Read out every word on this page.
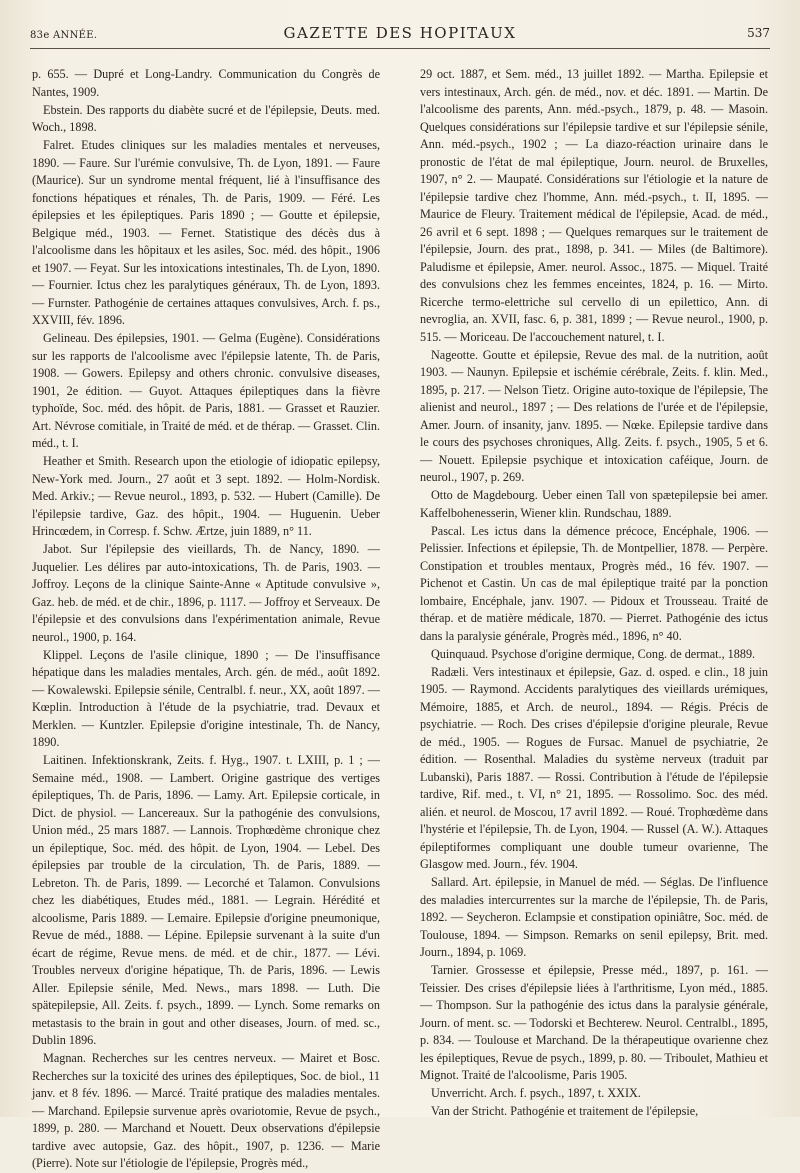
83e ANNÉE.	GAZETTE DES HOPITAUX	537

p. 655. — Dupré et Long-Landry. Communication du Congrès de Nantes, 1909.

Ebstein. Des rapports du diabète sucré et de l'épilepsie, Deuts. med. Woch., 1898.

Falret. Etudes cliniques sur les maladies mentales et nerveuses, 1890. — Faure. Sur l'urémie convulsive, Th. de Lyon, 1891. — Faure (Maurice). Sur un syndrome mental fréquent, lié à l'insuffisance des fonctions hépatiques et rénales, Th. de Paris, 1909. — Féré. Les épilepsies et les épileptiques. Paris 1890 ; — Goutte et épilepsie, Belgique méd., 1903. — Fernet. Statistique des décès dus à l'alcoolisme dans les hôpitaux et les asiles, Soc. méd. des hôpit., 1906 et 1907. — Feyat. Sur les intoxications intestinales, Th. de Lyon, 1890. — Fournier. Ictus chez les paralytiques généraux, Th. de Lyon, 1893. — Furnster. Pathogénie de certaines attaques convulsives, Arch. f. ps., XXVIII, fév. 1896.

Gelineau. Des épilepsies, 1901. — Gelma (Eugène). Considérations sur les rapports de l'alcoolisme avec l'épilepsie latente, Th. de Paris, 1908. — Gowers. Epilepsy and others chronic. convulsive diseases, 1901, 2e édition. — Guyot. Attaques épileptiques dans la fièvre typhoïde, Soc. méd. des hôpit. de Paris, 1881. — Grasset et Rauzier. Art. Névrose comitiale, in Traité de méd. et de thérap. — Grasset. Clin. méd., t. I.

Heather et Smith. Research upon the etiologie of idiopatic epilepsy, New-York med. Journ., 27 août et 3 sept. 1892. — Holm-Nordisk. Med. Arkiv.; — Revue neurol., 1893, p. 532. — Hubert (Camille). De l'épilepsie tardive, Gaz. des hôpit., 1904. — Huguenin. Ueber Hrincœdem, in Corresp. f. Schw. Ærtze, juin 1889, n° 11.

Jabot. Sur l'épilepsie des vieillards, Th. de Nancy, 1890. — Juquelier. Les délires par auto-intoxications, Th. de Paris, 1903. — Joffroy. Leçons de la clinique Sainte-Anne « Aptitude convulsive », Gaz. heb. de méd. et de chir., 1896, p. 1117. — Joffroy et Serveaux. De l'épilepsie et des convulsions dans l'expérimentation animale, Revue neurol., 1900, p. 164.

Klippel. Leçons de l'asile clinique, 1890 ; — De l'insuffisance hépatique dans les maladies mentales, Arch. gén. de méd., août 1892. — Kowalewski. Epilepsie sénile, Centralbl. f. neur., XX, août 1897. — Kœplin. Introduction à l'étude de la psychiatrie, trad. Devaux et Merklen. — Kuntzler. Epilepsie d'origine intestinale, Th. de Nancy, 1890.

Laitinen. Infektionskrank, Zeits. f. Hyg., 1907. t. LXIII, p. 1 ; — Semaine méd., 1908. — Lambert. Origine gastrique des vertiges épileptiques, Th. de Paris, 1896. — Lamy. Art. Epilepsie corticale, in Dict. de physiol. — Lancereaux. Sur la pathogénie des convulsions, Union méd., 25 mars 1887. — Lannois. Trophœdème chronique chez un épileptique, Soc. méd. des hôpit. de Lyon, 1904. — Lebel. Des épilepsies par trouble de la circulation, Th. de Paris, 1889. — Lebreton. Th. de Paris, 1899. — Lecorché et Talamon. Convulsions chez les diabétiques, Etudes méd., 1881. — Legrain. Hérédité et alcoolisme, Paris 1889. — Lemaire. Epilepsie d'origine pneumonique, Revue de méd., 1888. — Lépine. Epilepsie survenant à la suite d'un écart de régime, Revue mens. de méd. et de chir., 1877. — Lévi. Troubles nerveux d'origine hépatique, Th. de Paris, 1896. — Lewis Aller. Epilepsie sénile, Med. News., mars 1898. — Luth. Die spätepilepsie, All. Zeits. f. psych., 1899. — Lynch. Some remarks on metastasis to the brain in gout and other diseases, Journ. of med. sc., Dublin 1896.

Magnan. Recherches sur les centres nerveux. — Mairet et Bosc. Recherches sur la toxicité des urines des épileptiques, Soc. de biol., 11 janv. et 8 fév. 1896. — Marcé. Traité pratique des maladies mentales. — Marchand. Epilepsie survenue après ovariotomie, Revue de psych., 1899, p. 280. — Marchand et Nouett. Deux observations d'épilepsie tardive avec autopsie, Gaz. des hôpit., 1907, p. 1236. — Marie (Pierre). Note sur l'étiologie de l'épilepsie, Progrès méd.,

29 oct. 1887, et Sem. méd., 13 juillet 1892. — Martha. Epilepsie et vers intestinaux, Arch. gén. de méd., nov. et déc. 1891. — Martin. De l'alcoolisme des parents, Ann. méd.-psych., 1879, p. 48. — Masoin. Quelques considérations sur l'épilepsie tardive et sur l'épilepsie sénile, Ann. méd.-psych., 1902 ; — La diazo-réaction urinaire dans le pronostic de l'état de mal épileptique, Journ. neurol. de Bruxelles, 1907, n° 2. — Maupaté. Considérations sur l'étiologie et la nature de l'épilepsie tardive chez l'homme, Ann. méd.-psych., t. II, 1895. — Maurice de Fleury. Traitement médical de l'épilepsie, Acad. de méd., 26 avril et 6 sept. 1898 ; — Quelques remarques sur le traitement de l'épilepsie, Journ. des prat., 1898, p. 341. — Miles (de Baltimore). Paludisme et épilepsie, Amer. neurol. Assoc., 1875. — Miquel. Traité des convulsions chez les femmes enceintes, 1824, p. 16. — Mirto. Ricerche termo-elettriche sul cervello di un epilettico, Ann. di nevroglia, an. XVII, fasc. 6, p. 381, 1899 ; — Revue neurol., 1900, p. 515. — Moriceau. De l'accouchement naturel, t. I.

Nageotte. Goutte et épilepsie, Revue des mal. de la nutrition, août 1903. — Naunyn. Epilepsie et ischémie cérébrale, Zeits. f. klin. Med., 1895, p. 217. — Nelson Tietz. Origine auto-toxique de l'épilepsie, The alienist and neurol., 1897 ; — Des relations de l'urée et de l'épilepsie, Amer. Journ. of insanity, janv. 1895. — Nœke. Epilepsie tardive dans le cours des psychoses chroniques, Allg. Zeits. f. psych., 1905, 5 et 6. — Nouett. Epilepsie psychique et intoxication caféique, Journ. de neurol., 1907, p. 269.

Otto de Magdebourg. Ueber einen Tall von spætepilepsie bei amer. Kaffelbohenesserin, Wiener klin. Rundschau, 1889.

Pascal. Les ictus dans la démence précoce, Encéphale, 1906. — Pelissier. Infections et épilepsie, Th. de Montpellier, 1878. — Perpère. Constipation et troubles mentaux, Progrès méd., 16 fév. 1907. — Pichenot et Castin. Un cas de mal épileptique traité par la ponction lombaire, Encéphale, janv. 1907. — Pidoux et Trousseau. Traité de thérap. et de matière médicale, 1870. — Pierret. Pathogénie des ictus dans la paralysie générale, Progrès méd., 1896, n° 40.

Quinquaud. Psychose d'origine dermique, Cong. de dermat., 1889.

Radæli. Vers intestinaux et épilepsie, Gaz. d. osped. e clin., 18 juin 1905. — Raymond. Accidents paralytiques des vieillards urémiques, Mémoire, 1885, et Arch. de neurol., 1894. — Régis. Précis de psychiatrie. — Roch. Des crises d'épilepsie d'origine pleurale, Revue de méd., 1905. — Rogues de Fursac. Manuel de psychiatrie, 2e édition. — Rosenthal. Maladies du système nerveux (traduit par Lubanski), Paris 1887. — Rossi. Contribution à l'étude de l'épilepsie tardive, Rif. med., t. VI, n° 21, 1895. — Rossolimo. Soc. des méd. alién. et neurol. de Moscou, 17 avril 1892. — Roué. Trophœdème dans l'hystérie et l'épilepsie, Th. de Lyon, 1904. — Russel (A. W.). Attaques épileptiformes compliquant une double tumeur ovarienne, The Glasgow med. Journ., fév. 1904.

Sallard. Art. épilepsie, in Manuel de méd. — Séglas. De l'influence des maladies intercurrentes sur la marche de l'épilepsie, Th. de Paris, 1892. — Seycheron. Eclampsie et constipation opiniâtre, Soc. méd. de Toulouse, 1894. — Simpson. Remarks on senil epilepsy, Brit. med. Journ., 1894, p. 1069.

Tarnier. Grossesse et épilepsie, Presse méd., 1897, p. 161. — Teissier. Des crises d'épilepsie liées à l'arthritisme, Lyon méd., 1885. — Thompson. Sur la pathogénie des ictus dans la paralysie générale, Journ. of ment. sc. — Todorski et Bechterew. Neurol. Centralbl., 1895, p. 834. — Toulouse et Marchand. De la thérapeutique ovarienne chez les épileptiques, Revue de psych., 1899, p. 80. — Triboulet, Mathieu et Mignot. Traité de l'alcoolisme, Paris 1905.

Unverricht. Arch. f. psych., 1897, t. XXIX.

Van der Stricht. Pathogénie et traitement de l'épilepsie,
